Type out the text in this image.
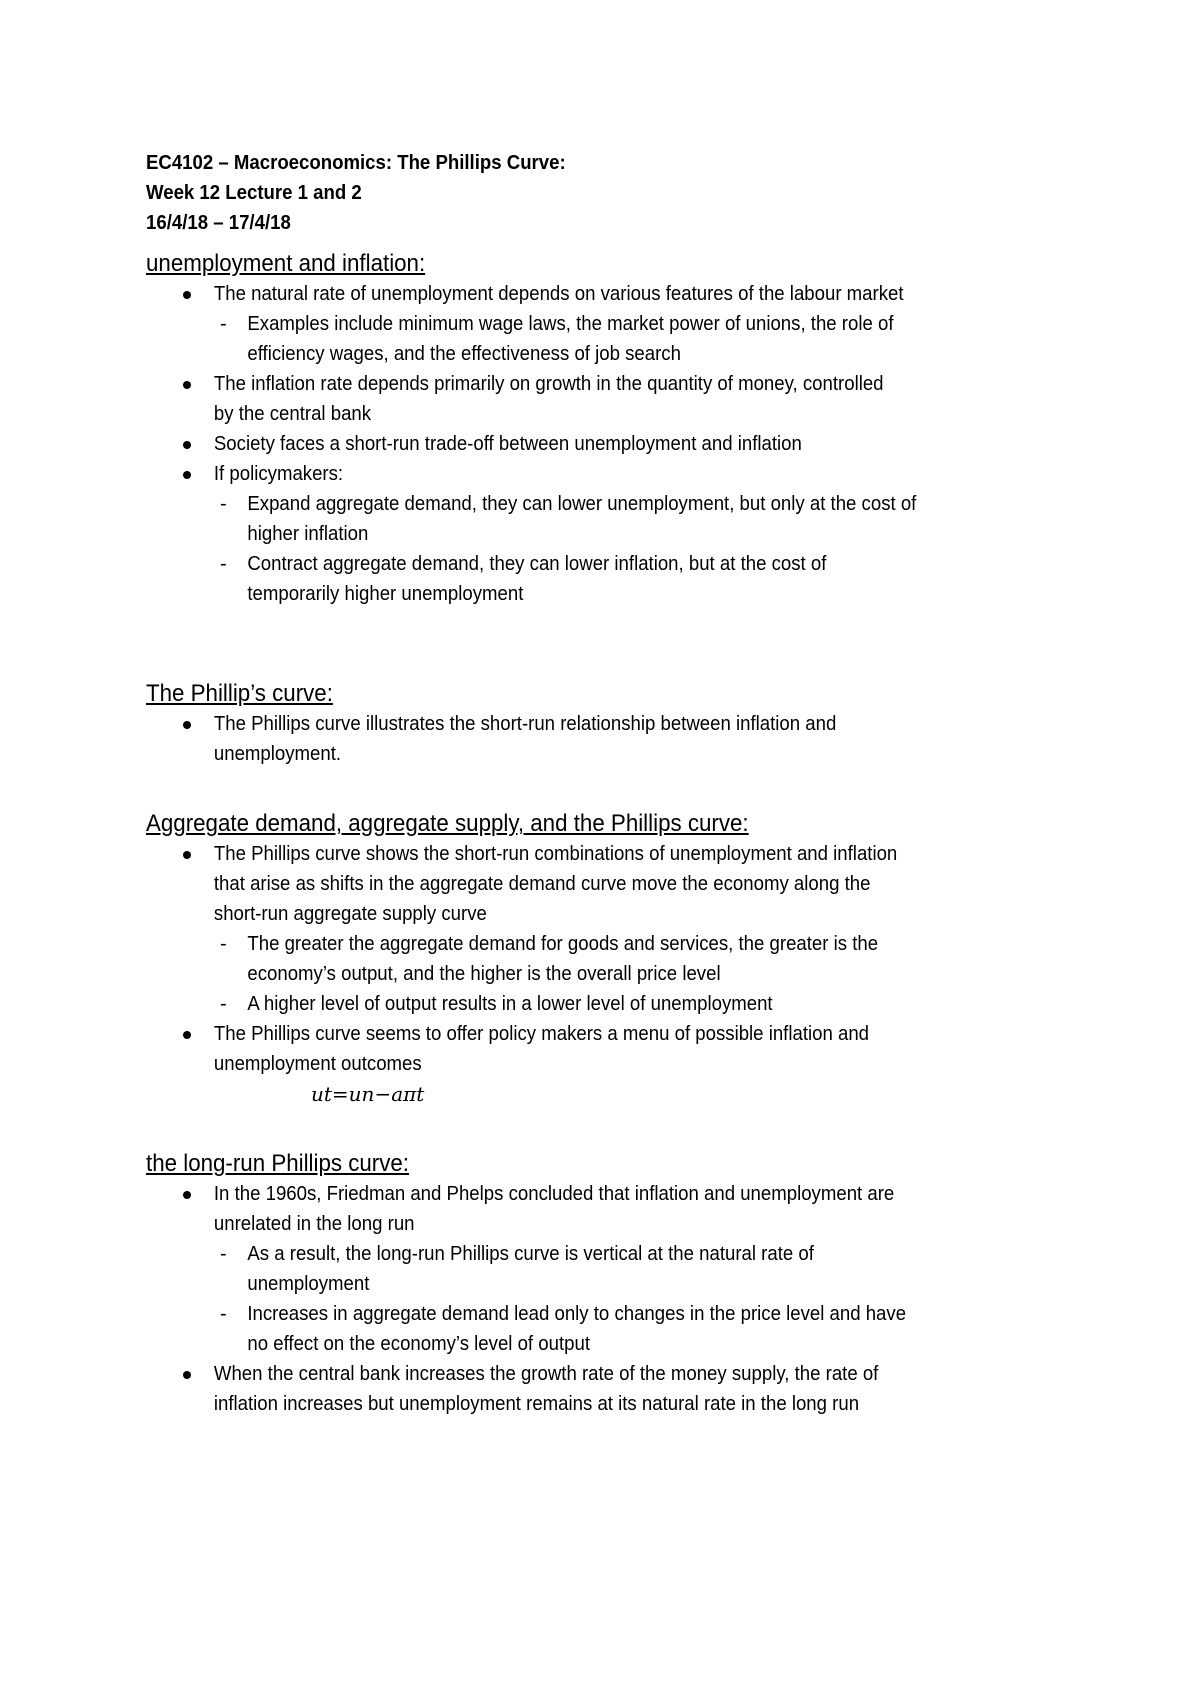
EC4102 – Macroeconomics: The Phillips Curve:
Week 12 Lecture 1 and 2
16/4/18 – 17/4/18
unemployment and inflation:
The natural rate of unemployment depends on various features of the labour market
-	Examples include minimum wage laws, the market power of unions, the role of
efficiency wages, and the effectiveness of job search
The inflation rate depends primarily on growth in the quantity of money, controlled
by the central bank
Society faces a short-run trade-off between unemployment and inflation
If policymakers:
-	Expand aggregate demand, they can lower unemployment, but only at the cost of
higher inflation
-	Contract aggregate demand, they can lower inflation, but at the cost of
temporarily higher unemployment
The Phillip’s curve:
The Phillips curve illustrates the short-run relationship between inflation and
unemployment.
Aggregate demand, aggregate supply, and the Phillips curve:
The Phillips curve shows the short-run combinations of unemployment and inflation
that arise as shifts in the aggregate demand curve move the economy along the
short-run aggregate supply curve
-	The greater the aggregate demand for goods and services, the greater is the
economy’s output, and the higher is the overall price level
-	A higher level of output results in a lower level of unemployment
The Phillips curve seems to offer policy makers a menu of possible inflation and
unemployment outcomes
ut=un−aπt
the long-run Phillips curve:
In the 1960s, Friedman and Phelps concluded that inflation and unemployment are
unrelated in the long run
-	As a result, the long-run Phillips curve is vertical at the natural rate of
unemployment
-	Increases in aggregate demand lead only to changes in the price level and have
no effect on the economy’s level of output
When the central bank increases the growth rate of the money supply, the rate of
inflation increases but unemployment remains at its natural rate in the long run
